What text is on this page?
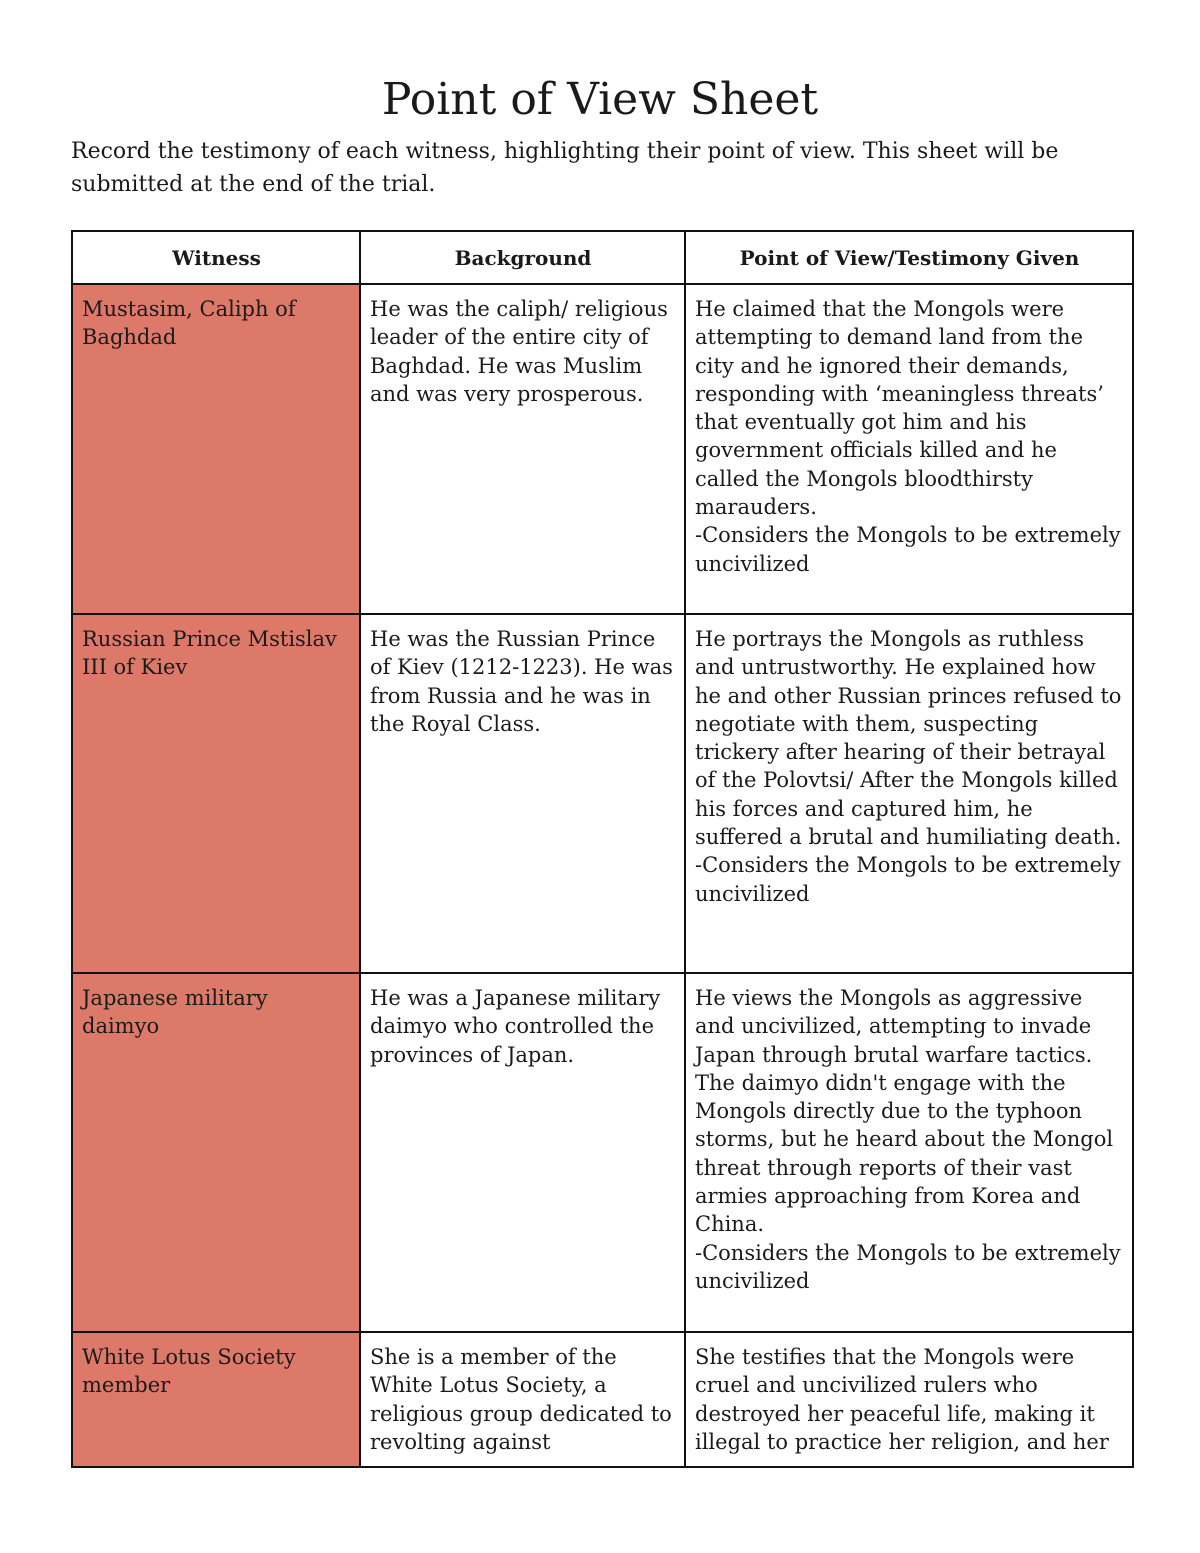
Point of View Sheet

Record the testimony of each witness, highlighting their point of view. This sheet will be submitted at the end of the trial.

Witness	Background	Point of View/Testimony Given
Mustasim, Caliph of Baghdad	He was the caliph/ religious leader of the entire city of Baghdad. He was Muslim and was very prosperous.	He claimed that the Mongols were attempting to demand land from the city and he ignored their demands, responding with ‘meaningless threats’ that eventually got him and his government officials killed and he called the Mongols bloodthirsty marauders.
-Considers the Mongols to be extremely uncivilized
Russian Prince Mstislav III of Kiev	He was the Russian Prince of Kiev (1212-1223). He was from Russia and he was in the Royal Class.	He portrays the Mongols as ruthless and untrustworthy. He explained how he and other Russian princes refused to negotiate with them, suspecting trickery after hearing of their betrayal of the Polovtsi/ After the Mongols killed his forces and captured him, he suffered a brutal and humiliating death.
-Considers the Mongols to be extremely uncivilized
Japanese military daimyo	He was a Japanese military daimyo who controlled the provinces of Japan.	He views the Mongols as aggressive and uncivilized, attempting to invade Japan through brutal warfare tactics. The daimyo didn't engage with the Mongols directly due to the typhoon storms, but he heard about the Mongol threat through reports of their vast armies approaching from Korea and China.
-Considers the Mongols to be extremely uncivilized
White Lotus Society member	She is a member of the White Lotus Society, a religious group dedicated to revolting against	She testifies that the Mongols were cruel and uncivilized rulers who destroyed her peaceful life, making it illegal to practice her religion, and her
